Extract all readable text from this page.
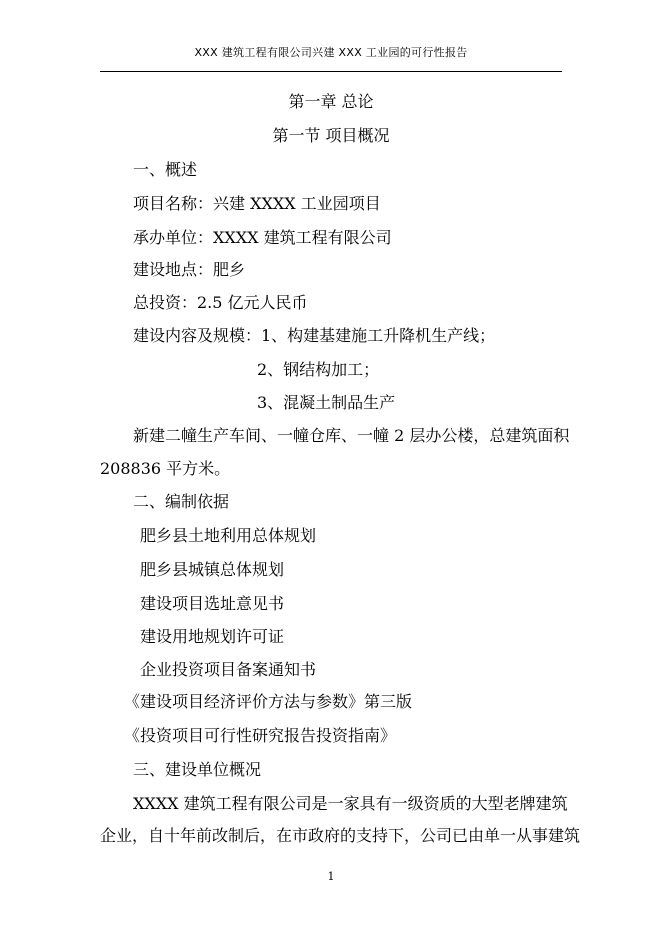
XXX 建筑工程有限公司兴建 XXX 工业园的可行性报告
第一章 总论
第一节 项目概况
一、概述
项目名称：兴建 XXXX 工业园项目
承办单位：XXXX 建筑工程有限公司
建设地点：肥乡
总投资：2.5 亿元人民币
建设内容及规模：1、构建基建施工升降机生产线；
2、钢结构加工；
3、混凝土制品生产
新建二幢生产车间、一幢仓库、一幢 2 层办公楼，总建筑面积
208836 平方米。
二、编制依据
肥乡县土地利用总体规划
肥乡县城镇总体规划
建设项目选址意见书
建设用地规划许可证
企业投资项目备案通知书
《建设项目经济评价方法与参数》第三版
《投资项目可行性研究报告投资指南》
三、建设单位概况
XXXX 建筑工程有限公司是一家具有一级资质的大型老牌建筑
企业，自十年前改制后，在市政府的支持下，公司已由单一从事建筑
1
